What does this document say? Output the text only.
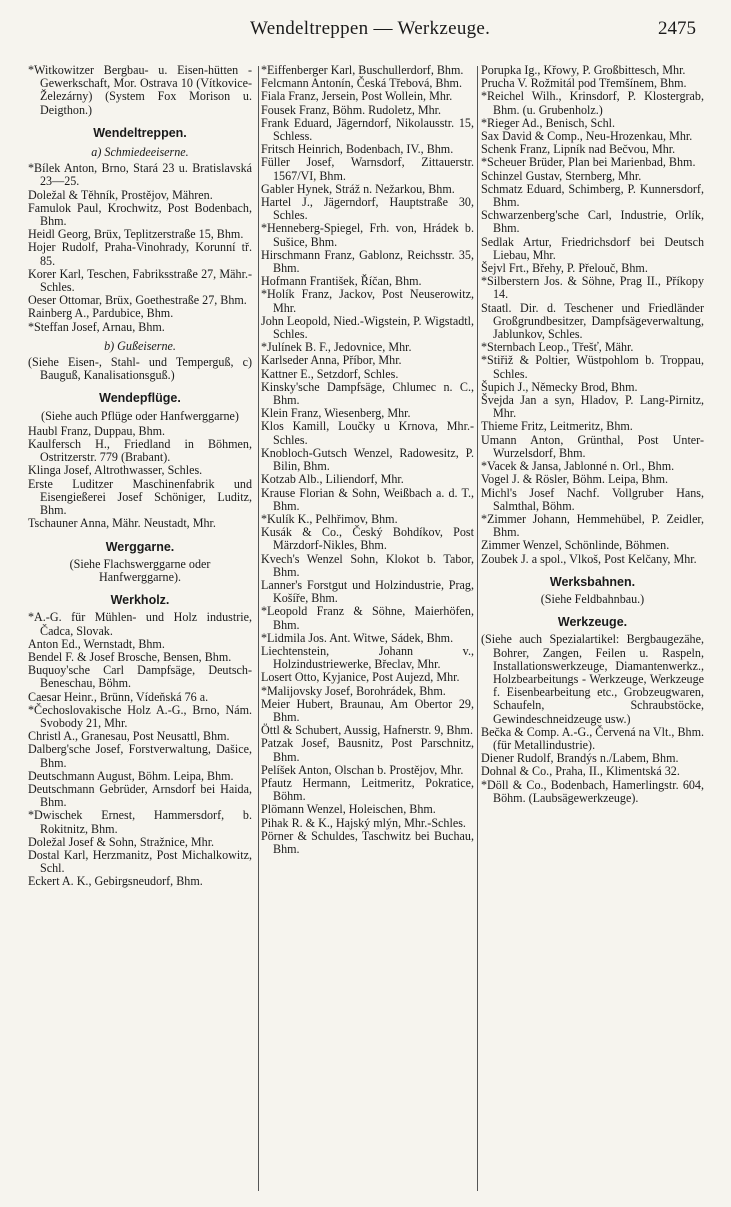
Wendeltreppen — Werkzeuge.	2475
*Witkowitzer Bergbau- u. Eisen-hütten - Gewerkschaft, Mor. Ostrava 10 (Vítkovice-Železárny) (System Fox Morison u. Deigthon.)
Wendeltreppen.
a) Schmiedeeiserne.
*Bílek Anton, Brno, Stará 23 u. Bratislavská 23—25.
Doležal & Těhník, Prostějov, Mähren.
Famulok Paul, Krochwitz, Post Bodenbach, Bhm.
Heidl Georg, Brüx, Teplitzerstraße 15, Bhm.
Hojer Rudolf, Praha-Vinohrady, Korunní tř. 85.
Korer Karl, Teschen, Fabriksstraße 27, Mähr.-Schles.
Oeser Ottomar, Brüx, Goethestraße 27, Bhm.
Rainberg A., Pardubice, Bhm.
*Steffan Josef, Arnau, Bhm.
b) Gußeiserne.
(Siehe Eisen-, Stahl- und Temperguß, c) Bauguß, Kanalisationsguß.)
Wendepflüge.
(Siehe auch Pflüge oder Hanfwerggarne)
Haubl Franz, Duppau, Bhm.
Kaulfersch H., Friedland in Böhmen, Ostritzerstr. 779 (Brabant).
Klinga Josef, Altrothwasser, Schles.
Erste Luditzer Maschinenfabrik und Eisengießerei Josef Schöniger, Luditz, Bhm.
Tschauner Anna, Mähr. Neustadt, Mhr.
Werggarne.
(Siehe Flachswerggarne oder Hanfwerggarne).
Werkholz.
*A.-G. für Mühlen- und Holz industrie, Čadca, Slovak.
Anton Ed., Wernstadt, Bhm.
Bendel F. & Josef Brosche, Bensen, Bhm.
Buquoy'sche Carl Dampfsäge, Deutsch-Beneschau, Böhm.
Caesar Heinr., Brünn, Vídeňská 76 a.
*Čechoslovakische Holz A.-G., Brno, Nám. Svobody 21, Mhr.
Christl A., Granesau, Post Neusattl, Bhm.
Dalberg'sche Josef, Forstverwaltung, Dašice, Bhm.
Deutschmann August, Böhm. Leipa, Bhm.
Deutschmann Gebrüder, Arnsdorf bei Haida, Bhm.
*Dwischek Ernest, Hammersdorf, b. Rokitnitz, Bhm.
Doležal Josef & Sohn, Stražnice, Mhr.
Dostal Karl, Herzmanitz, Post Michalkowitz, Schl.
Eckert A. K., Gebirgsneudorf, Bhm.
*Eiffenberger Karl, Buschullerdorf, Bhm.
Felcmann Antonín, Česká Třebová, Bhm.
Fiala Franz, Jersein, Post Wollein, Mhr.
Fousek Franz, Böhm. Rudoletz, Mhr.
Frank Eduard, Jägerndorf, Nikolausstr. 15, Schless.
Fritsch Heinrich, Bodenbach, IV., Bhm.
Füller Josef, Warnsdorf, Zittauerstr. 1567/VI, Bhm.
Gabler Hynek, Stráž n. Nežarkou, Bhm.
Hartel J., Jägerndorf, Hauptstraße 30, Schles.
*Henneberg-Spiegel, Frh. von, Hrádek b. Sušice, Bhm.
Hirschmann Franz, Gablonz, Reichsstr. 35, Bhm.
Hofmann František, Říčan, Bhm.
*Holík Franz, Jackov, Post Neuserowitz, Mhr.
John Leopold, Nied.-Wigstein, P. Wigstadtl, Schles.
*Julínek B. F., Jedovnice, Mhr.
Karlseder Anna, Příbor, Mhr.
Kattner E., Setzdorf, Schles.
Kinsky'sche Dampfsäge, Chlumec n. C., Bhm.
Klein Franz, Wiesenberg, Mhr.
Klos Kamill, Loučky u Krnova, Mhr.-Schles.
Knobloch-Gutsch Wenzel, Radowesitz, P. Bilin, Bhm.
Kotzab Alb., Liliendorf, Mhr.
Krause Florian & Sohn, Weißbach a. d. T., Bhm.
*Kulík K., Pelhřimov, Bhm.
Kusák & Co., Český Bohdíkov, Post Märzdorf-Nikles, Bhm.
Kvech's Wenzel Sohn, Klokot b. Tabor, Bhm.
Lanner's Forstgut und Holzindustrie, Prag, Košíře, Bhm.
*Leopold Franz & Söhne, Maierhöfen, Bhm.
*Lidmila Jos. Ant. Witwe, Sádek, Bhm.
Liechtenstein, Johann v., Holzindustriewerke, Břeclav, Mhr.
Losert Otto, Kyjanice, Post Aujezd, Mhr.
*Maliјovsky Josef, Borohrádek, Bhm.
Meier Hubert, Braunau, Am Obertor 29, Bhm.
Öttl & Schubert, Aussig, Hafnerstr. 9, Bhm.
Patzak Josef, Bausnitz, Post Parschnitz, Bhm.
Pelíšek Anton, Olschan b. Prostějov, Mhr.
Pfautz Hermann, Leitmeritz, Pokratice, Böhm.
Plömann Wenzel, Holeischen, Bhm.
Pihak R. & K., Hajský mlýn, Mhr.-Schles.
Pörner & Schuldes, Taschwitz bei Buchau, Bhm.
Porupka Ig., Křowy, P. Großbittesch, Mhr.
Prucha V. Rožmitál pod Třemšínem, Bhm.
*Reichel Wilh., Krinsdorf, P. Klostergrab, Bhm. (u. Grubenholz.)
*Rieger Ad., Benisch, Schl.
Sax David & Comp., Neu-Hrozenkau, Mhr.
Schenk Franz, Lipník nad Bečvou, Mhr.
*Scheuer Brüder, Plan bei Marienbad, Bhm.
Schinzel Gustav, Sternberg, Mhr.
Schmatz Eduard, Schimberg, P. Kunnersdorf, Bhm.
Schwarzenberg'sche Carl, Industrie, Orlík, Bhm.
Sedlak Artur, Friedrichsdorf bei Deutsch Liebau, Mhr.
Šejvl Frt., Břehy, P. Přelouč, Bhm.
*Silberstern Jos. & Söhne, Prag II., Příkopy 14.
Staatl. Dir. d. Teschener und Friedländer Großgrundbesitzer, Dampfsägeverwaltung, Jablunkov, Schles.
*Sternbach Leop., Třešť, Mähr.
*Stiřiž & Poltier, Wüstpohlom b. Troppau, Schles.
Šupich J., Německy Brod, Bhm.
Švejda Jan a syn, Hladov, P. Lang-Pirnitz, Mhr.
Thieme Fritz, Leitmeritz, Bhm.
Umann Anton, Grünthal, Post Unter-Wurzelsdorf, Bhm.
*Vacek & Jansa, Jablonné n. Orl., Bhm.
Vogel J. & Rösler, Böhm. Leipa, Bhm.
Michl's Josef Nachf. Vollgruber Hans, Salmthal, Böhm.
*Zimmer Johann, Hemmehübel, P. Zeidler, Bhm.
Zimmer Wenzel, Schönlinde, Böhmen.
Zoubek J. a spol., Vlkoš, Post Kelčany, Mhr.
Werksbahnen.
(Siehe Feldbahnbau.)
Werkzeuge.
(Siehe auch Spezialartikel: Bergbaugezähe, Bohrer, Zangen, Feilen u. Raspeln, Installationswerkzeuge, Diamantenwerkz., Holzbearbeitungs - Werkzeuge, Werkzeuge f. Eisenbearbeitung etc., Grobzeugwaren, Schaufeln, Schraubstöcke, Gewindeschneidzeuge usw.)
Bečka & Comp. A.-G., Červená na Vlt., Bhm. (für Metallindustrie).
Diener Rudolf, Brandýs n./Labem, Bhm.
Dohnal & Co., Praha, II., Klimentská 32.
*Döll & Co., Bodenbach, Hamerlingstr. 604, Böhm. (Laubsägewerkzeuge).
